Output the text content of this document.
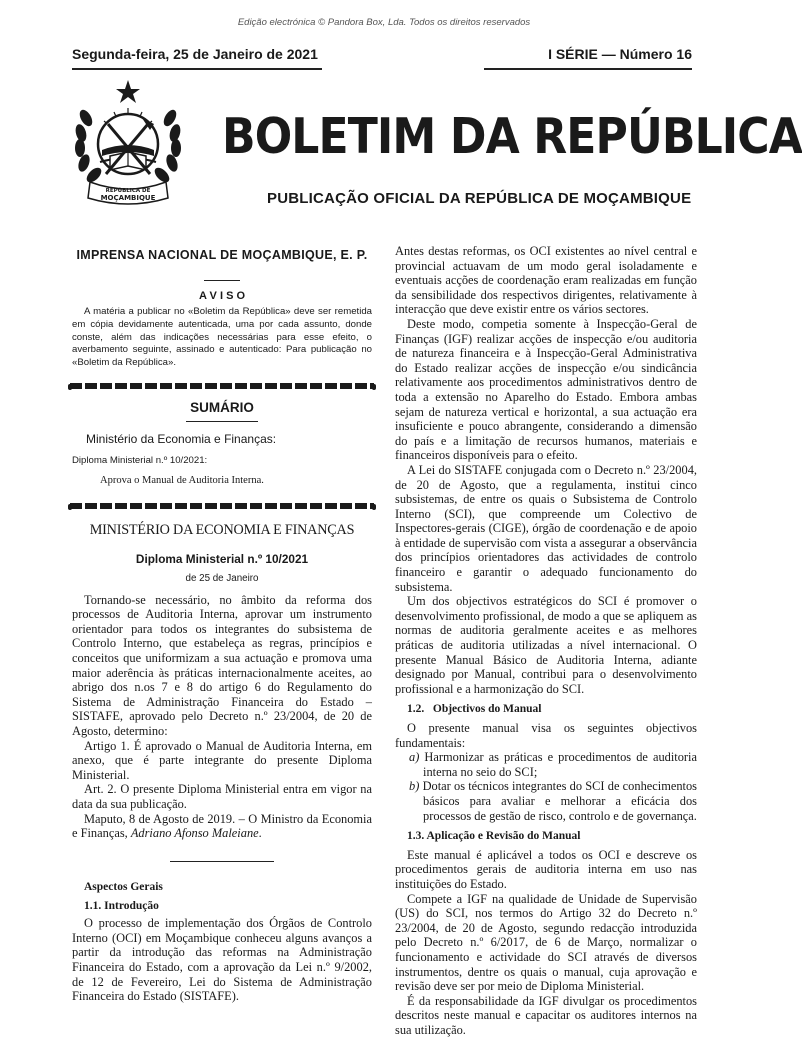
Edição electrónica © Pandora Box, Lda. Todos os direitos reservados
Segunda-feira, 25 de Janeiro de 2021	I SÉRIE — Número 16
REPÚBLICA DE
MOÇAMBIQUE
BOLETIM DA REPÚBLICA
PUBLICAÇÃO OFICIAL DA REPÚBLICA DE MOÇAMBIQUE
IMPRENSA NACIONAL DE MOÇAMBIQUE, E. P.
A V I S O

A matéria a publicar no «Boletim da República» deve ser remetida em cópia devidamente autenticada, uma por cada assunto, donde conste, além das indicações necessárias para esse efeito, o averbamento seguinte, assinado e autenticado: Para publicação no «Boletim da República».

SUMÁRIO
Ministério da Economia e Finanças:
Diploma Ministerial n.º 10/2021:
Aprova o Manual de Auditoria Interna.
MINISTÉRIO DA ECONOMIA E FINANÇAS
Diploma Ministerial n.º 10/2021
de 25 de Janeiro

Tornando-se necessário, no âmbito da reforma dos processos de Auditoria Interna, aprovar um instrumento orientador para todos os integrantes do subsistema de Controlo Interno, que estabeleça as regras, princípios e conceitos que uniformizam a sua actuação e promova uma maior aderência às práticas internacionalmente aceites, ao abrigo dos n.os 7 e 8 do artigo 6 do Regulamento do Sistema de Administração Financeira do Estado – SISTAFE, aprovado pelo Decreto n.º 23/2004, de 20 de Agosto, determino:

Artigo 1. É aprovado o Manual de Auditoria Interna, em anexo, que é parte integrante do presente Diploma Ministerial.

Art. 2. O presente Diploma Ministerial entra em vigor na data da sua publicação.

Maputo, 8 de Agosto de 2019. – O Ministro da Economia e Finanças, Adriano Afonso Maleiane.

Aspectos Gerais
1.1. Introdução

O processo de implementação dos Órgãos de Controlo Interno (OCI) em Moçambique conheceu alguns avanços a partir da introdução das reformas na Administração Financeira do Estado, com a aprovação da Lei n.º 9/2002, de 12 de Fevereiro, Lei do Sistema de Administração Financeira do Estado (SISTAFE).

Antes destas reformas, os OCI existentes ao nível central e provincial actuavam de um modo geral isoladamente e eventuais acções de coordenação eram realizadas em função da sensibilidade dos respectivos dirigentes, relativamente à interacção que deve existir entre os vários sectores.

Deste modo, competia somente à Inspecção-Geral de Finanças (IGF) realizar acções de inspecção e/ou auditoria de natureza financeira e à Inspecção-Geral Administrativa do Estado realizar acções de inspecção e/ou sindicância relativamente aos procedimentos administrativos dentro de toda a extensão no Aparelho do Estado. Embora ambas sejam de natureza vertical e horizontal, a sua actuação era insuficiente e pouco abrangente, considerando a dimensão do país e a limitação de recursos humanos, materiais e financeiros disponíveis para o efeito.

A Lei do SISTAFE conjugada com o Decreto n.º 23/2004, de 20 de Agosto, que a regulamenta, institui cinco subsistemas, de entre os quais o Subsistema de Controlo Interno (SCI), que compreende um Colectivo de Inspectores-gerais (CIGE), órgão de coordenação e de apoio à entidade de supervisão com vista a assegurar a observância dos princípios orientadores das actividades de controlo financeiro e garantir o adequado funcionamento do subsistema.

Um dos objectivos estratégicos do SCI é promover o desenvolvimento profissional, de modo a que se apliquem as normas de auditoria geralmente aceites e as melhores práticas de auditoria utilizadas a nível internacional. O presente Manual Básico de Auditoria Interna, adiante designado por Manual, contribui para o desenvolvimento profissional e a harmonização do SCI.

1.2.   Objectivos do Manual

O presente manual visa os seguintes objectivos fundamentais:

a) Harmonizar as práticas e procedimentos de auditoria interna no seio do SCI;
b) Dotar os técnicos integrantes do SCI de conhecimentos básicos para avaliar e melhorar a eficácia dos processos de gestão de risco, controlo e de governança.
1.3. Aplicação e Revisão do Manual

Este manual é aplicável a todos os OCI e descreve os procedimentos gerais de auditoria interna em uso nas instituições do Estado.

Compete a IGF na qualidade de Unidade de Supervisão (US) do SCI, nos termos do Artigo 32 do Decreto n.º 23/2004, de 20 de Agosto, segundo redacção introduzida pelo Decreto n.º 6/2017, de 6 de Março, normalizar o funcionamento e actividade do SCI através de diversos instrumentos, dentre os quais o manual, cuja aprovação e revisão deve ser por meio de Diploma Ministerial.

É da responsabilidade da IGF divulgar os procedimentos descritos neste manual e capacitar os auditores internos na sua utilização.
